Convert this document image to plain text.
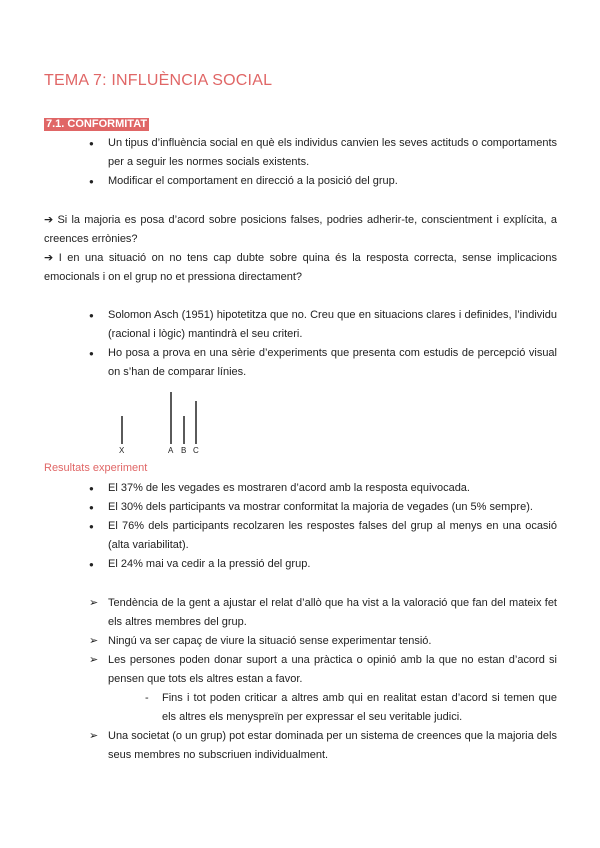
TEMA 7: INFLUÈNCIA SOCIAL
7.1. CONFORMITAT
● Un tipus d’influència social en què els individus canvien les seves actituds o comportaments per a seguir les normes socials existents.
● Modificar el comportament en direcció a la posició del grup.
➔ Si la majoria es posa d’acord sobre posicions falses, podries adherir-te, conscientment i explícita, a creences errònies?
➔ I en una situació on no tens cap dubte sobre quina és la resposta correcta, sense implicacions emocionals i on el grup no et pressiona directament?
● Solomon Asch (1951) hipotetitza que no. Creu que en situacions clares i definides, l’individu (racional i lògic) mantindrà el seu criteri.
● Ho posa a prova en una sèrie d’experiments que presenta com estudis de percepció visual on s’han de comparar línies.
X	A B C
Resultats experiment
● El 37% de les vegades es mostraren d’acord amb la resposta equivocada.
● El 30% dels participants va mostrar conformitat la majoria de vegades (un 5% sempre).
● El 76% dels participants recolzaren les respostes falses del grup al menys en una ocasió (alta variabilitat).
● El 24% mai va cedir a la pressió del grup.
➢ Tendència de la gent a ajustar el relat d’allò que ha vist a la valoració que fan del mateix fet els altres membres del grup.
➢ Ningú va ser capaç de viure la situació sense experimentar tensió.
➢ Les persones poden donar suport a una pràctica o opinió amb la que no estan d’acord si pensen que tots els altres estan a favor.
- Fins i tot poden criticar a altres amb qui en realitat estan d’acord si temen que els altres els menyspreïn per expressar el seu veritable judici.
➢ Una societat (o un grup) pot estar dominada per un sistema de creences que la majoria dels seus membres no subscriuen individualment.
